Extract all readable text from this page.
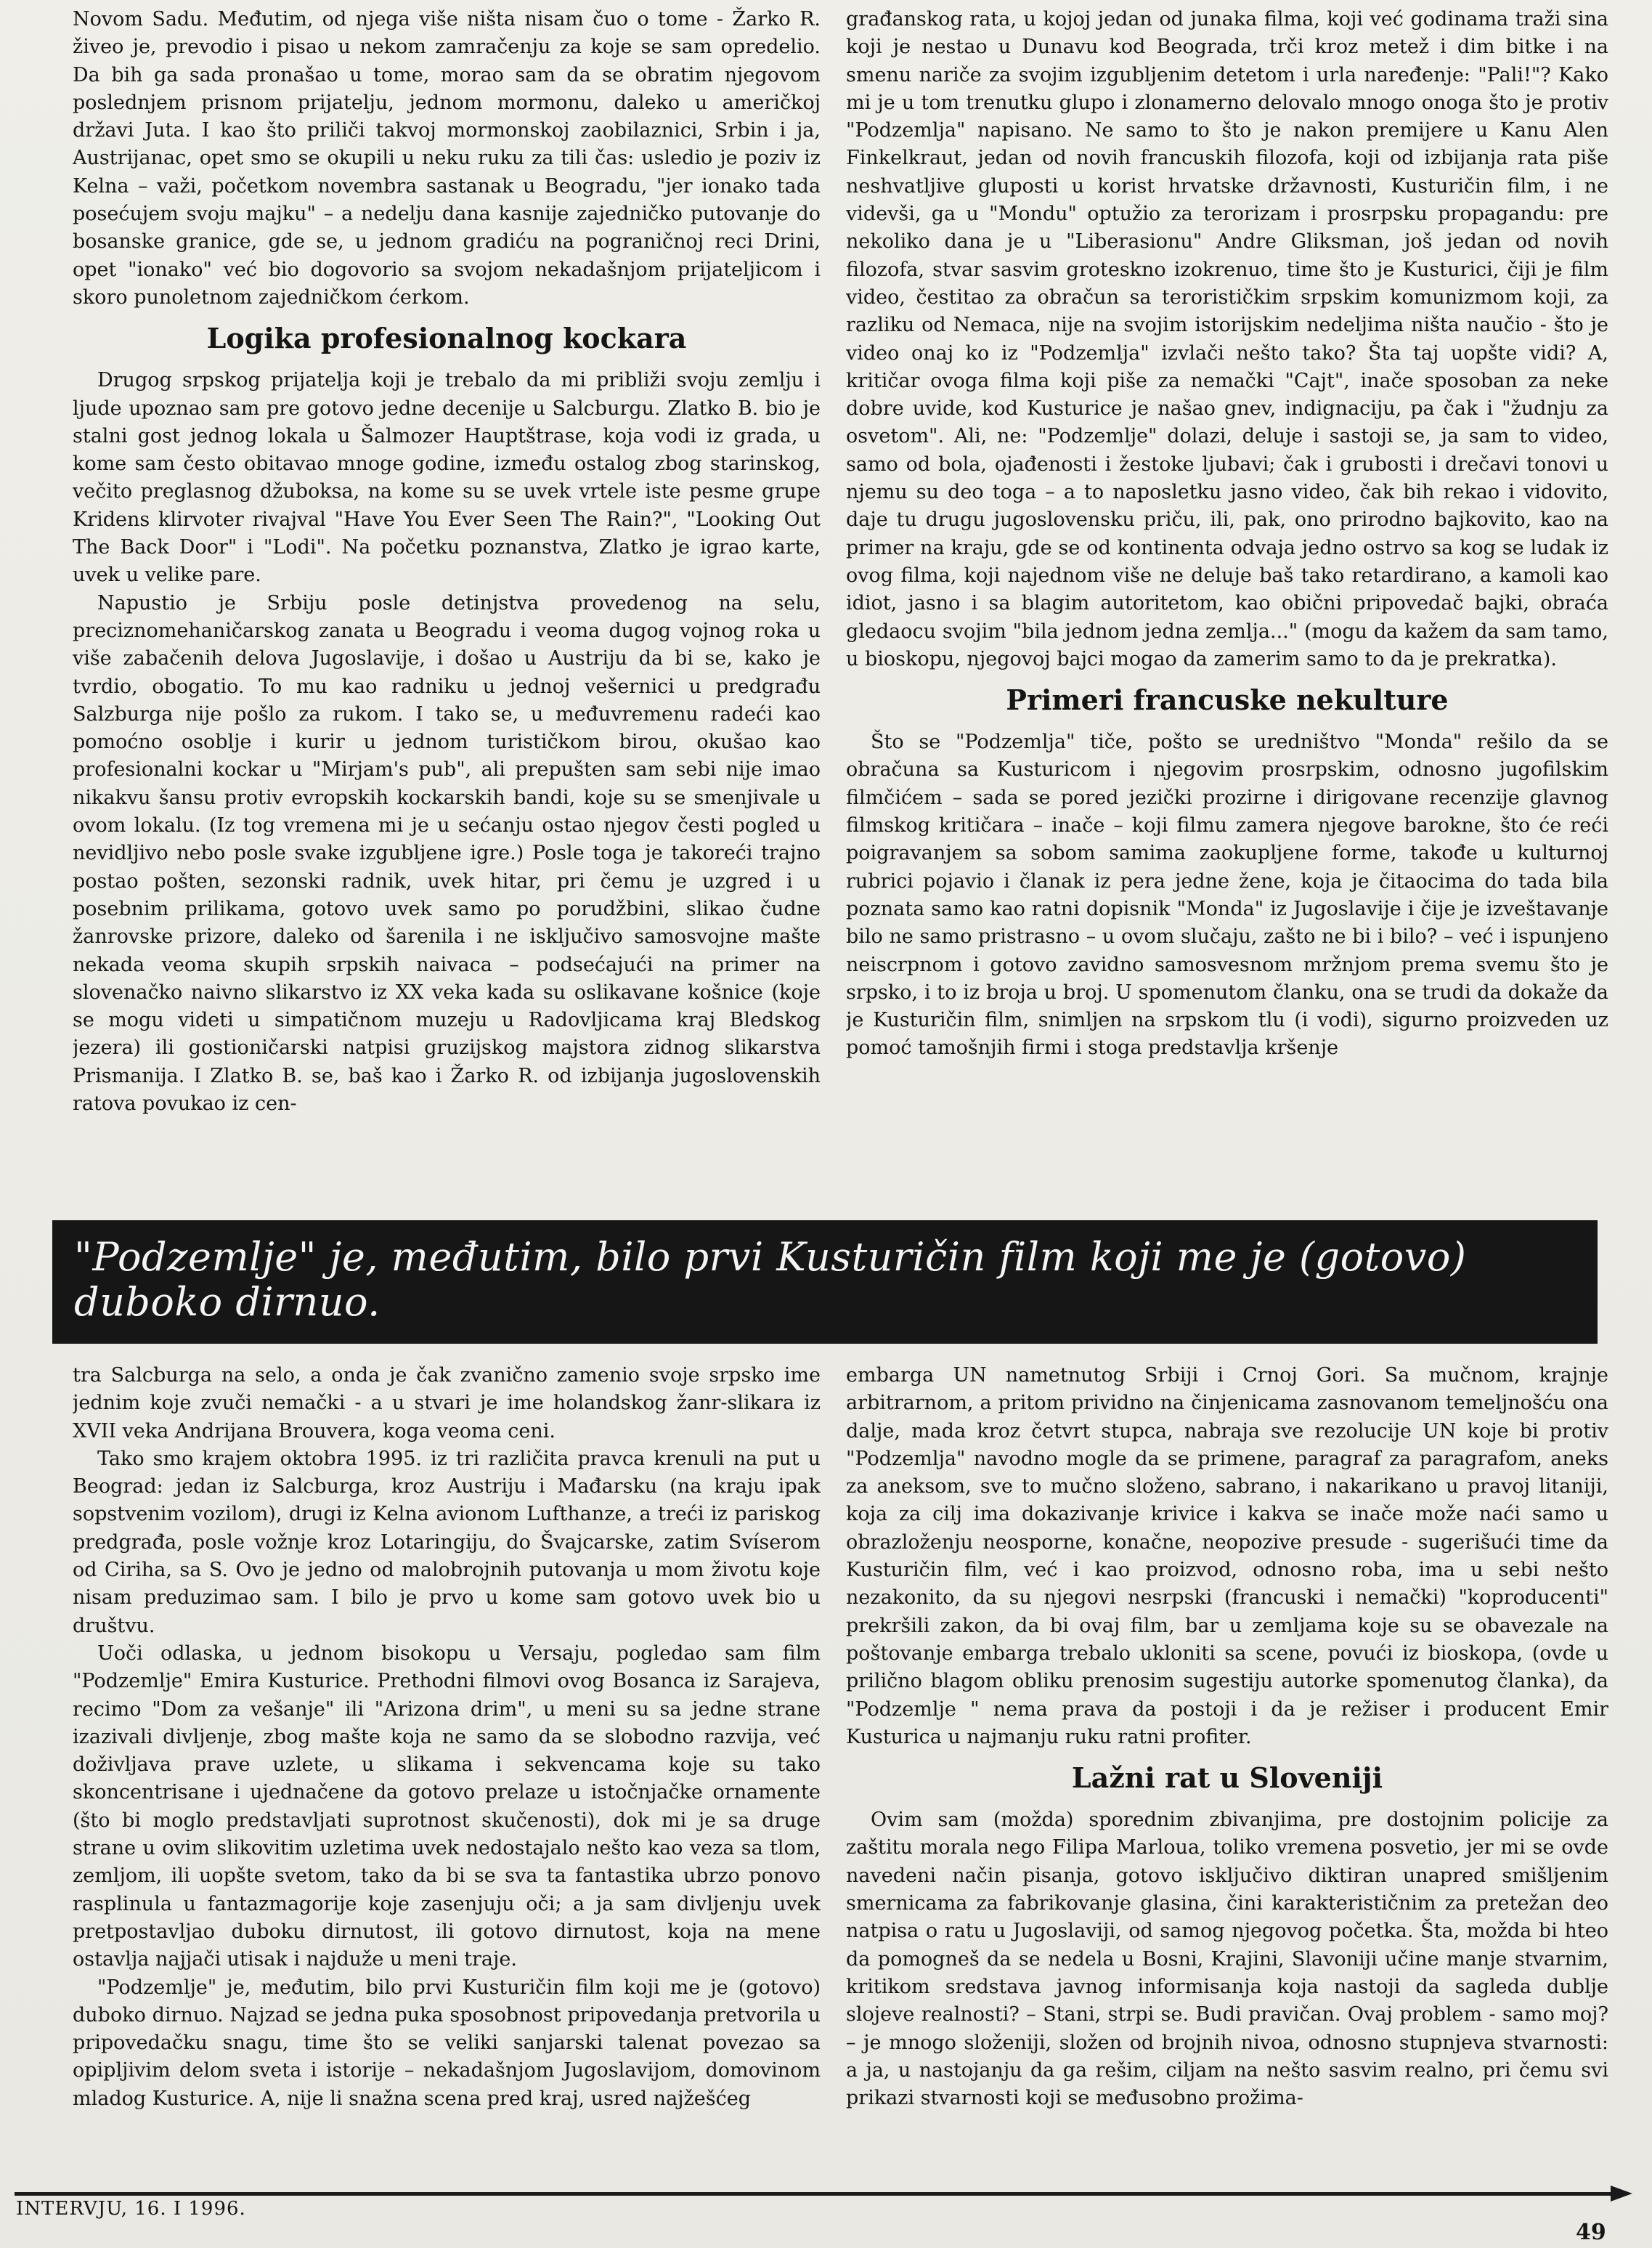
Novom Sadu. Međutim, od njega više ništa nisam čuo o tome - Žarko R. živeo je, prevodio i pisao u nekom zamračenju za koje se sam opredelio. Da bih ga sada pronašao u tome, morao sam da se obratim njegovom poslednjem prisnom prijatelju, jednom mormonu, daleko u američkoj državi Juta. I kao što priliči takvoj mormonskoj zaobilaznici, Srbin i ja, Austrijanac, opet smo se okupili u neku ruku za tili čas: usledio je poziv iz Kelna – važi, početkom novembra sastanak u Beogradu, "jer ionako tada posećujem svoju majku" – a nedelju dana kasnije zajedničko putovanje do bosanske granice, gde se, u jednom gradiću na pograničnoj reci Drini, opet "ionako" već bio dogovorio sa svojom nekadašnjom prijateljicom i skoro punoletnom zajedničkom ćerkom.

Logika profesionalnog kockara

Drugog srpskog prijatelja koji je trebalo da mi približi svoju zemlju i ljude upoznao sam pre gotovo jedne decenije u Salcburgu. Zlatko B. bio je stalni gost jednog lokala u Šalmozer Hauptštrase, koja vodi iz grada, u kome sam često obitavao mnoge godine, između ostalog zbog starinskog, večito preglasnog džuboksa, na kome su se uvek vrtele iste pesme grupe Kridens klirvoter rivajval "Have You Ever Seen The Rain?", "Looking Out The Back Door" i "Lodi". Na početku poznanstva, Zlatko je igrao karte, uvek u velike pare.

Napustio je Srbiju posle detinjstva provedenog na selu, preciznomehaničarskog zanata u Beogradu i veoma dugog vojnog roka u više zabačenih delova Jugoslavije, i došao u Austriju da bi se, kako je tvrdio, obogatio. To mu kao radniku u jednoj vešernici u predgrađu Salzburga nije pošlo za rukom. I tako se, u međuvremenu radeći kao pomoćno osoblje i kurir u jednom turističkom birou, okušao kao profesionalni kockar u "Mirjam's pub", ali prepušten sam sebi nije imao nikakvu šansu protiv evropskih kockarskih bandi, koje su se smenjivale u ovom lokalu. (Iz tog vremena mi je u sećanju ostao njegov česti pogled u nevidljivo nebo posle svake izgubljene igre.) Posle toga je takoreći trajno postao pošten, sezonski radnik, uvek hitar, pri čemu je uzgred i u posebnim prilikama, gotovo uvek samo po porudžbini, slikao čudne žanrovske prizore, daleko od šarenila i ne isključivo samosvojne mašte nekada veoma skupih srpskih naivaca – podsećajući na primer na slovenačko naivno slikarstvo iz XX veka kada su oslikavane košnice (koje se mogu videti u simpatičnom muzeju u Radovljicama kraj Bledskog jezera) ili gostioničarski natpisi gruzijskog majstora zidnog slikarstva Prismanija. I Zlatko B. se, baš kao i Žarko R. od izbijanja jugoslovenskih ratova povukao iz cen-

građanskog rata, u kojoj jedan od junaka filma, koji već godinama traži sina koji je nestao u Dunavu kod Beograda, trči kroz metež i dim bitke i na smenu nariče za svojim izgubljenim detetom i urla naređenje: "Pali!"? Kako mi je u tom trenutku glupo i zlonamerno delovalo mnogo onoga što je protiv "Podzemlja" napisano. Ne samo to što je nakon premijere u Kanu Alen Finkelkraut, jedan od novih francuskih filozofa, koji od izbijanja rata piše neshvatljive gluposti u korist hrvatske državnosti, Kusturičin film, i ne videvši, ga u "Mondu" optužio za terorizam i prosrpsku propagandu: pre nekoliko dana je u "Liberasionu" Andre Gliksman, još jedan od novih filozofa, stvar sasvim groteskno izokrenuo, time što je Kusturici, čiji je film video, čestitao za obračun sa terorističkim srpskim komunizmom koji, za razliku od Nemaca, nije na svojim istorijskim nedeljima ništa naučio - što je video onaj ko iz "Podzemlja" izvlači nešto tako? Šta taj uopšte vidi? A, kritičar ovoga filma koji piše za nemački "Cajt", inače sposoban za neke dobre uvide, kod Kusturice je našao gnev, indignaciju, pa čak i "žudnju za osvetom". Ali, ne: "Podzemlje" dolazi, deluje i sastoji se, ja sam to video, samo od bola, ojađenosti i žestoke ljubavi; čak i grubosti i drečavi tonovi u njemu su deo toga – a to naposletku jasno video, čak bih rekao i vidovito, daje tu drugu jugoslovensku priču, ili, pak, ono prirodno bajkovito, kao na primer na kraju, gde se od kontinenta odvaja jedno ostrvo sa kog se ludak iz ovog filma, koji najednom više ne deluje baš tako retardirano, a kamoli kao idiot, jasno i sa blagim autoritetom, kao obični pripovedač bajki, obraća gledaocu svojim "bila jednom jedna zemlja..." (mogu da kažem da sam tamo, u bioskopu, njegovoj bajci mogao da zamerim samo to da je prekratka).

Primeri francuske nekulture

Što se "Podzemlja" tiče, pošto se uredništvo "Monda" rešilo da se obračuna sa Kusturicom i njegovim prosrpskim, odnosno jugofilskim filmčićem – sada se pored jezički prozirne i dirigovane recenzije glavnog filmskog kritičara – inače – koji filmu zamera njegove barokne, što će reći poigravanjem sa sobom samima zaokupljene forme, takođe u kulturnoj rubrici pojavio i članak iz pera jedne žene, koja je čitaocima do tada bila poznata samo kao ratni dopisnik "Monda" iz Jugoslavije i čije je izveštavanje bilo ne samo pristrasno – u ovom slučaju, zašto ne bi i bilo? – već i ispunjeno neiscrpnom i gotovo zavidno samosvesnom mržnjom prema svemu što je srpsko, i to iz broja u broj. U spomenutom članku, ona se trudi da dokaže da je Kusturičin film, snimljen na srpskom tlu (i vodi), sigurno proizveden uz pomoć tamošnjih firmi i stoga predstavlja kršenje

"Podzemlje" je, međutim, bilo prvi Kusturičin film koji me je (gotovo) duboko dirnuo.

tra Salcburga na selo, a onda je čak zvanično zamenio svoje srpsko ime jednim koje zvuči nemački - a u stvari je ime holandskog žanr-slikara iz XVII veka Andrijana Brouvera, koga veoma ceni.

Tako smo krajem oktobra 1995. iz tri različita pravca krenuli na put u Beograd: jedan iz Salcburga, kroz Austriju i Mađarsku (na kraju ipak sopstvenim vozilom), drugi iz Kelna avionom Lufthanze, a treći iz pariskog predgrađa, posle vožnje kroz Lotaringiju, do Švajcarske, zatim Svíserom od Ciriha, sa S. Ovo je jedno od malobrojnih putovanja u mom životu koje nisam preduzimao sam. I bilo je prvo u kome sam gotovo uvek bio u društvu.

Uoči odlaska, u jednom bisokopu u Versaju, pogledao sam film "Podzemlje" Emira Kusturice. Prethodni filmovi ovog Bosanca iz Sarajeva, recimo "Dom za vešanje" ili "Arizona drim", u meni su sa jedne strane izazivali divljenje, zbog mašte koja ne samo da se slobodno razvija, već doživljava prave uzlete, u slikama i sekvencama koje su tako skoncentrisane i ujednačene da gotovo prelaze u istočnjačke ornamente (što bi moglo predstavljati suprotnost skučenosti), dok mi je sa druge strane u ovim slikovitim uzletima uvek nedostajalo nešto kao veza sa tlom, zemljom, ili uopšte svetom, tako da bi se sva ta fantastika ubrzo ponovo rasplinula u fantazmagorije koje zasenjuju oči; a ja sam divljenju uvek pretpostavljao duboku dirnutost, ili gotovo dirnutost, koja na mene ostavlja najjači utisak i najduže u meni traje.

"Podzemlje" je, međutim, bilo prvi Kusturičin film koji me je (gotovo) duboko dirnuo. Najzad se jedna puka sposobnost pripovedanja pretvorila u pripovedačku snagu, time što se veliki sanjarski talenat povezao sa opipljivim delom sveta i istorije – nekadašnjom Jugoslavijom, domovinom mladog Kusturice. A, nije li snažna scena pred kraj, usred najžešćeg

embarga UN nametnutog Srbiji i Crnoj Gori. Sa mučnom, krajnje arbitrarnom, a pritom prividno na činjenicama zasnovanom temeljnošću ona dalje, mada kroz četvrt stupca, nabraja sve rezolucije UN koje bi protiv "Podzemlja" navodno mogle da se primene, paragraf za paragrafom, aneks za aneksom, sve to mučno složeno, sabrano, i nakarikano u pravoj litaniji, koja za cilj ima dokazivanje krivice i kakva se inače može naći samo u obrazloženju neosporne, konačne, neopozive presude - sugerišući time da Kusturičin film, već i kao proizvod, odnosno roba, ima u sebi nešto nezakonito, da su njegovi nesrpski (francuski i nemački) "koproducenti" prekršili zakon, da bi ovaj film, bar u zemljama koje su se obavezale na poštovanje embarga trebalo ukloniti sa scene, povući iz bioskopa, (ovde u prilično blagom obliku prenosim sugestiju autorke spomenutog članka), da "Podzemlje " nema prava da postoji i da je režiser i producent Emir Kusturica u najmanju ruku ratni profiter.

Lažni rat u Sloveniji

Ovim sam (možda) sporednim zbivanjima, pre dostojnim policije za zaštitu morala nego Filipa Marloua, toliko vremena posvetio, jer mi se ovde navedeni način pisanja, gotovo isključivo diktiran unapred smišljenim smernicama za fabrikovanje glasina, čini karakterističnim za pretežan deo natpisa o ratu u Jugoslaviji, od samog njegovog početka. Šta, možda bi hteo da pomogneš da se nedela u Bosni, Krajini, Slavoniji učine manje stvarnim, kritikom sredstava javnog informisanja koja nastoji da sagleda dublje slojeve realnosti? – Stani, strpi se. Budi pravičan. Ovaj problem - samo moj? – je mnogo složeniji, složen od brojnih nivoa, odnosno stupnjeva stvarnosti: a ja, u nastojanju da ga rešim, ciljam na nešto sasvim realno, pri čemu svi prikazi stvarnosti koji se međusobno prožima-

INTERVJU, 16. I 1996.
49
